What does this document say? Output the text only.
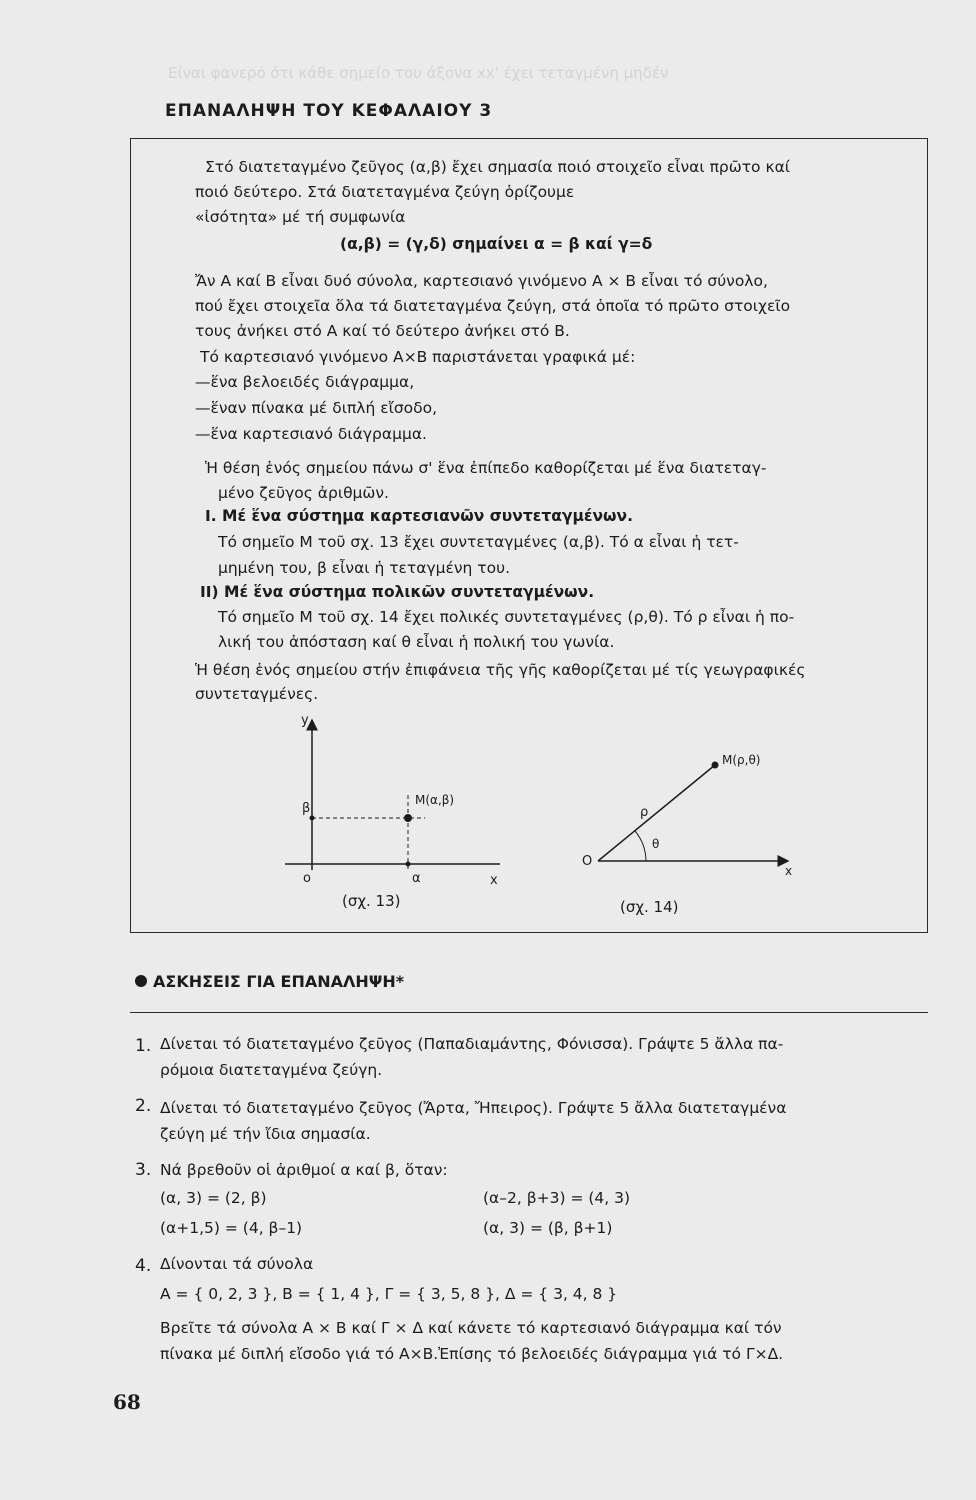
Είναι φανερό ότι κάθε σημείο του άξονα xx' έχει τεταγμένη μηδέν
ΕΠΑΝΑΛΗΨΗ ΤΟΥ ΚΕΦΑΛΑΙΟΥ 3
Στό διατεταγμένο ζεῦγος (α,β) ἔχει σημασία ποιό στοιχεῖο εἶναι πρῶτο καί
ποιό δεύτερο. Στά διατεταγμένα ζεύγη ὁρίζουμε
«ἰσότητα» μέ τή συμφωνία
(α,β) = (γ,δ) σημαίνει α = β καί γ=δ
Ἄν Α καί Β εἶναι δυό σύνολα, καρτεσιανό γινόμενο Α × Β εἶναι τό σύνολο,
πού ἔχει στοιχεῖα ὅλα τά διατεταγμένα ζεύγη, στά ὁποῖα τό πρῶτο στοιχεῖο
τους ἀνήκει στό Α καί τό δεύτερο ἀνήκει στό Β.
Τό καρτεσιανό γινόμενο Α×Β παριστάνεται γραφικά μέ:
—ἕνα βελοειδές διάγραμμα,
—ἕναν πίνακα μέ διπλή εἴσοδο,
—ἕνα καρτεσιανό διάγραμμα.
Ἡ θέση ἑνός σημείου πάνω σ' ἕνα ἐπίπεδο καθορίζεται μέ ἕνα διατεταγ-
μένο ζεῦγος ἀριθμῶν.
I. Μέ ἕνα σύστημα καρτεσιανῶν συντεταγμένων.
Τό σημεῖο Μ τοῦ σχ. 13 ἔχει συντεταγμένες (α,β). Τό α εἶναι ἡ τετ-
μημένη του, β εἶναι ἡ τεταγμένη του.
II) Μέ ἕνα σύστημα πολικῶν συντεταγμένων.
Τό σημεῖο Μ τοῦ σχ. 14 ἔχει πολικές συντεταγμένες (ρ,θ). Τό ρ εἶναι ἡ πο-
λική του ἀπόσταση καί θ εἶναι ἡ πολική του γωνία.
Ἡ θέση ἑνός σημείου στήν ἐπιφάνεια τῆς γῆς καθορίζεται μέ τίς γεωγραφικές
συντεταγμένες.
y
β
Μ(α,β)
o	α	x
(σχ. 13)
Μ(ρ,θ)
ρ
θ
Ο
x
(σχ. 14)
ΑΣΚΗΣΕΙΣ ΓΙΑ ΕΠΑΝΑΛΗΨΗ*
1. Δίνεται τό διατεταγμένο ζεῦγος (Παπαδιαμάντης, Φόνισσα). Γράψτε 5 ἄλλα πα-
ρόμοια διατεταγμένα ζεύγη.
2. Δίνεται τό διατεταγμένο ζεῦγος (Ἄρτα, Ἤπειρος). Γράψτε 5 ἄλλα διατεταγμένα
ζεύγη μέ τήν ἴδια σημασία.
3. Νά βρεθοῦν οἱ ἀριθμοί α καί β, ὅταν:
(α, 3) = (2, β)	(α–2, β+3) = (4, 3)
(α+1,5) = (4, β–1)	(α, 3) = (β, β+1)
4. Δίνονται τά σύνολα
Α = { 0, 2, 3 }, Β = { 1, 4 }, Γ = { 3, 5, 8 }, Δ = { 3, 4, 8 }
Βρεῖτε τά σύνολα Α × Β καί Γ × Δ καί κάνετε τό καρτεσιανό διάγραμμα καί τόν
πίνακα μέ διπλή εἴσοδο γιά τό Α×Β.Ἐπίσης τό βελοειδές διάγραμμα γιά τό Γ×Δ.
68
